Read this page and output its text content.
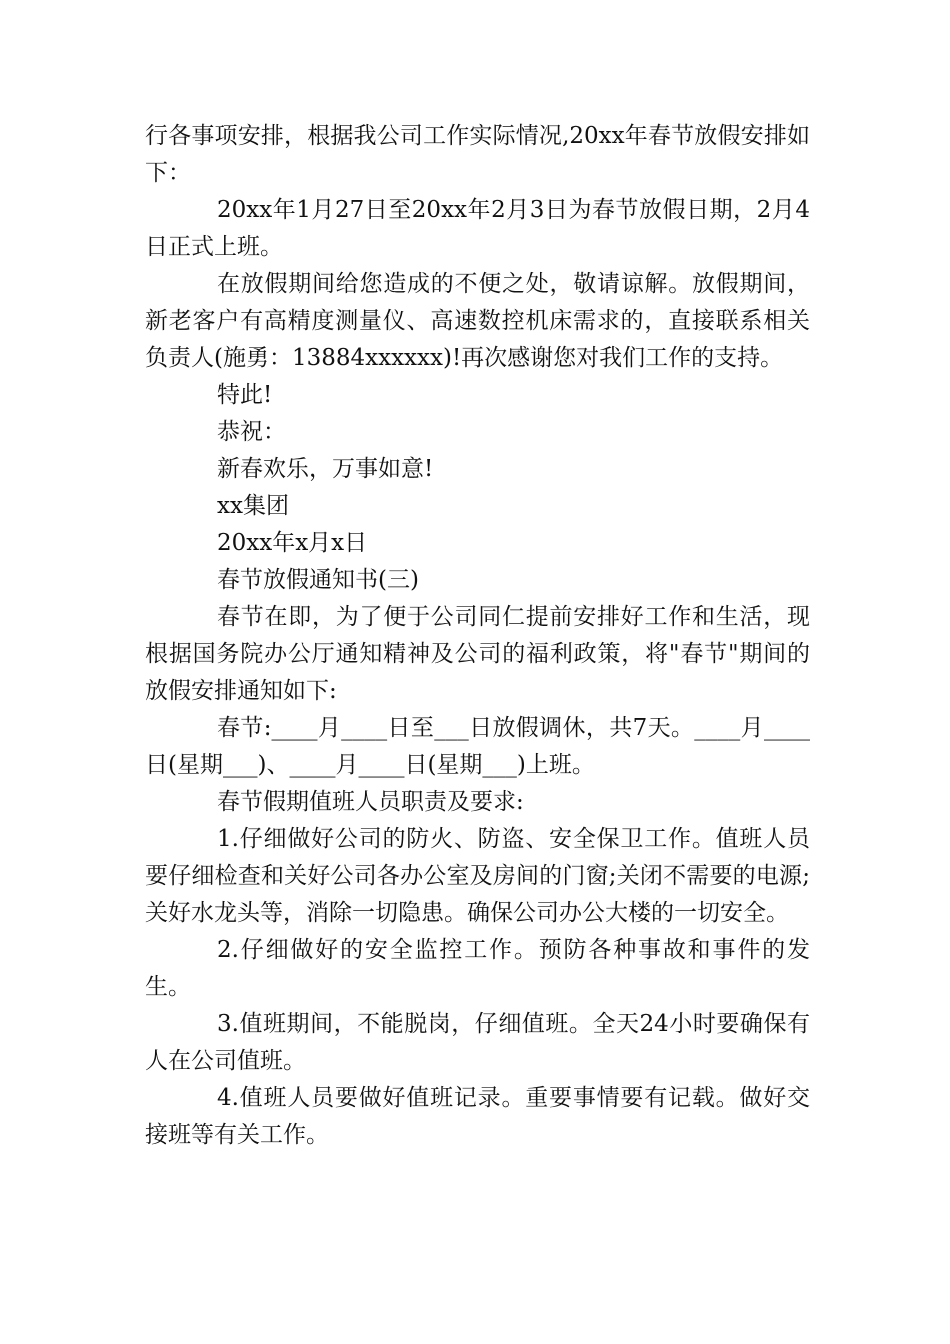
行各事项安排，根据我公司工作实际情况,20xx年春节放假安排如下：

20xx年1月27日至20xx年2月3日为春节放假日期，2月4日正式上班。

在放假期间给您造成的不便之处，敬请谅解。放假期间，新老客户有高精度测量仪、高速数控机床需求的，直接联系相关负责人(施勇：13884xxxxxx)!再次感谢您对我们工作的支持。

特此!

恭祝：

新春欢乐，万事如意!

xx集团

20xx年x月x日

春节放假通知书(三)

春节在即，为了便于公司同仁提前安排好工作和生活，现根据国务院办公厅通知精神及公司的福利政策，将"春节"期间的放假安排通知如下:

春节:____月____日至___日放假调休，共7天。____月____日(星期___)、____月____日(星期___)上班。

春节假期值班人员职责及要求:

1.仔细做好公司的防火、防盗、安全保卫工作。值班人员要仔细检查和关好公司各办公室及房间的门窗;关闭不需要的电源;关好水龙头等，消除一切隐患。确保公司办公大楼的一切安全。

2.仔细做好的安全监控工作。预防各种事故和事件的发生。

3.值班期间，不能脱岗，仔细值班。全天24小时要确保有人在公司值班。

4.值班人员要做好值班记录。重要事情要有记载。做好交接班等有关工作。
